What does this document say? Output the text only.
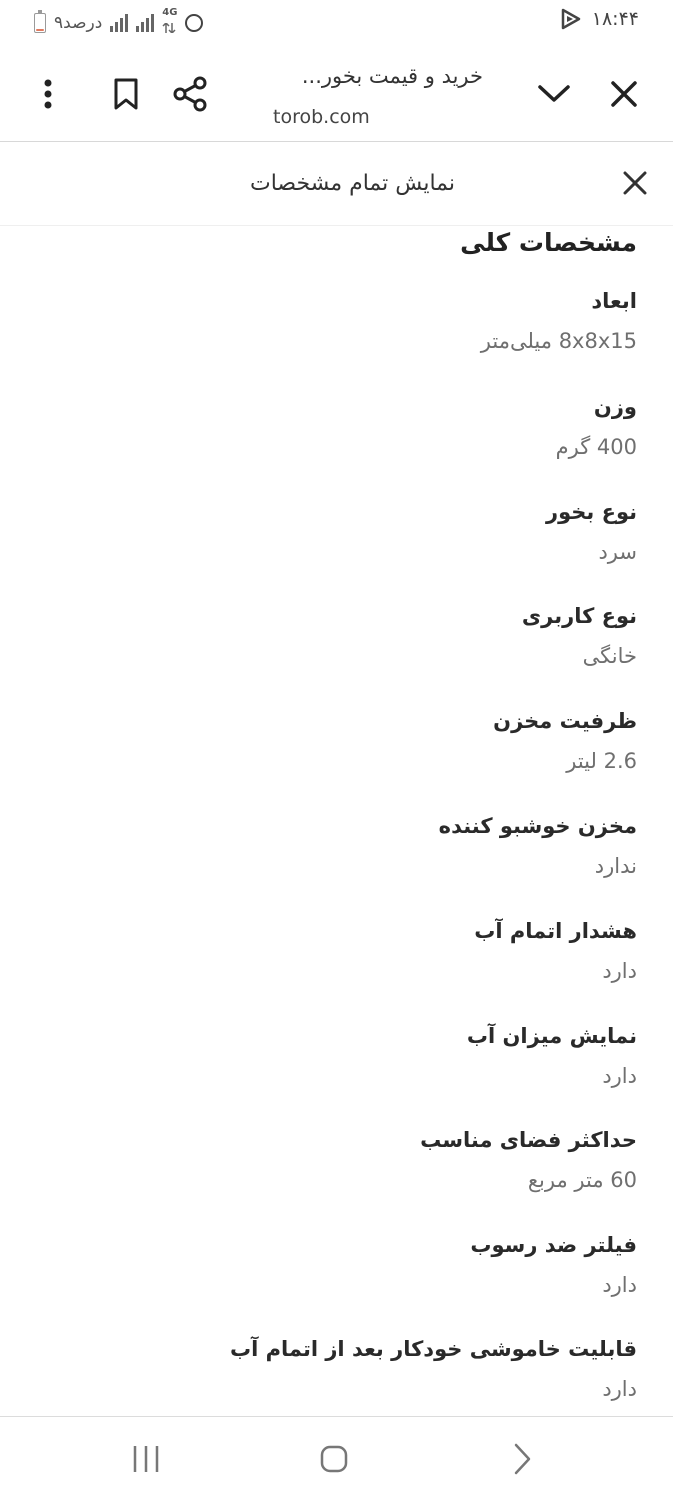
۹درصد	4G	۱۸:۴۴
خرید و قیمت بخور...
torob.com
نمایش تمام مشخصات
مشخصات کلی
ابعاد
8x8x15 میلی‌متر
وزن
400 گرم
نوع بخور
سرد
نوع کاربری
خانگی
ظرفیت مخزن
2.6 لیتر
مخزن خوشبو کننده
ندارد
هشدار اتمام آب
دارد
نمایش میزان آب
دارد
حداکثر فضای مناسب
60 متر مربع
فیلتر ضد رسوب
دارد
قابلیت خاموشی خودکار بعد از اتمام آب
دارد
